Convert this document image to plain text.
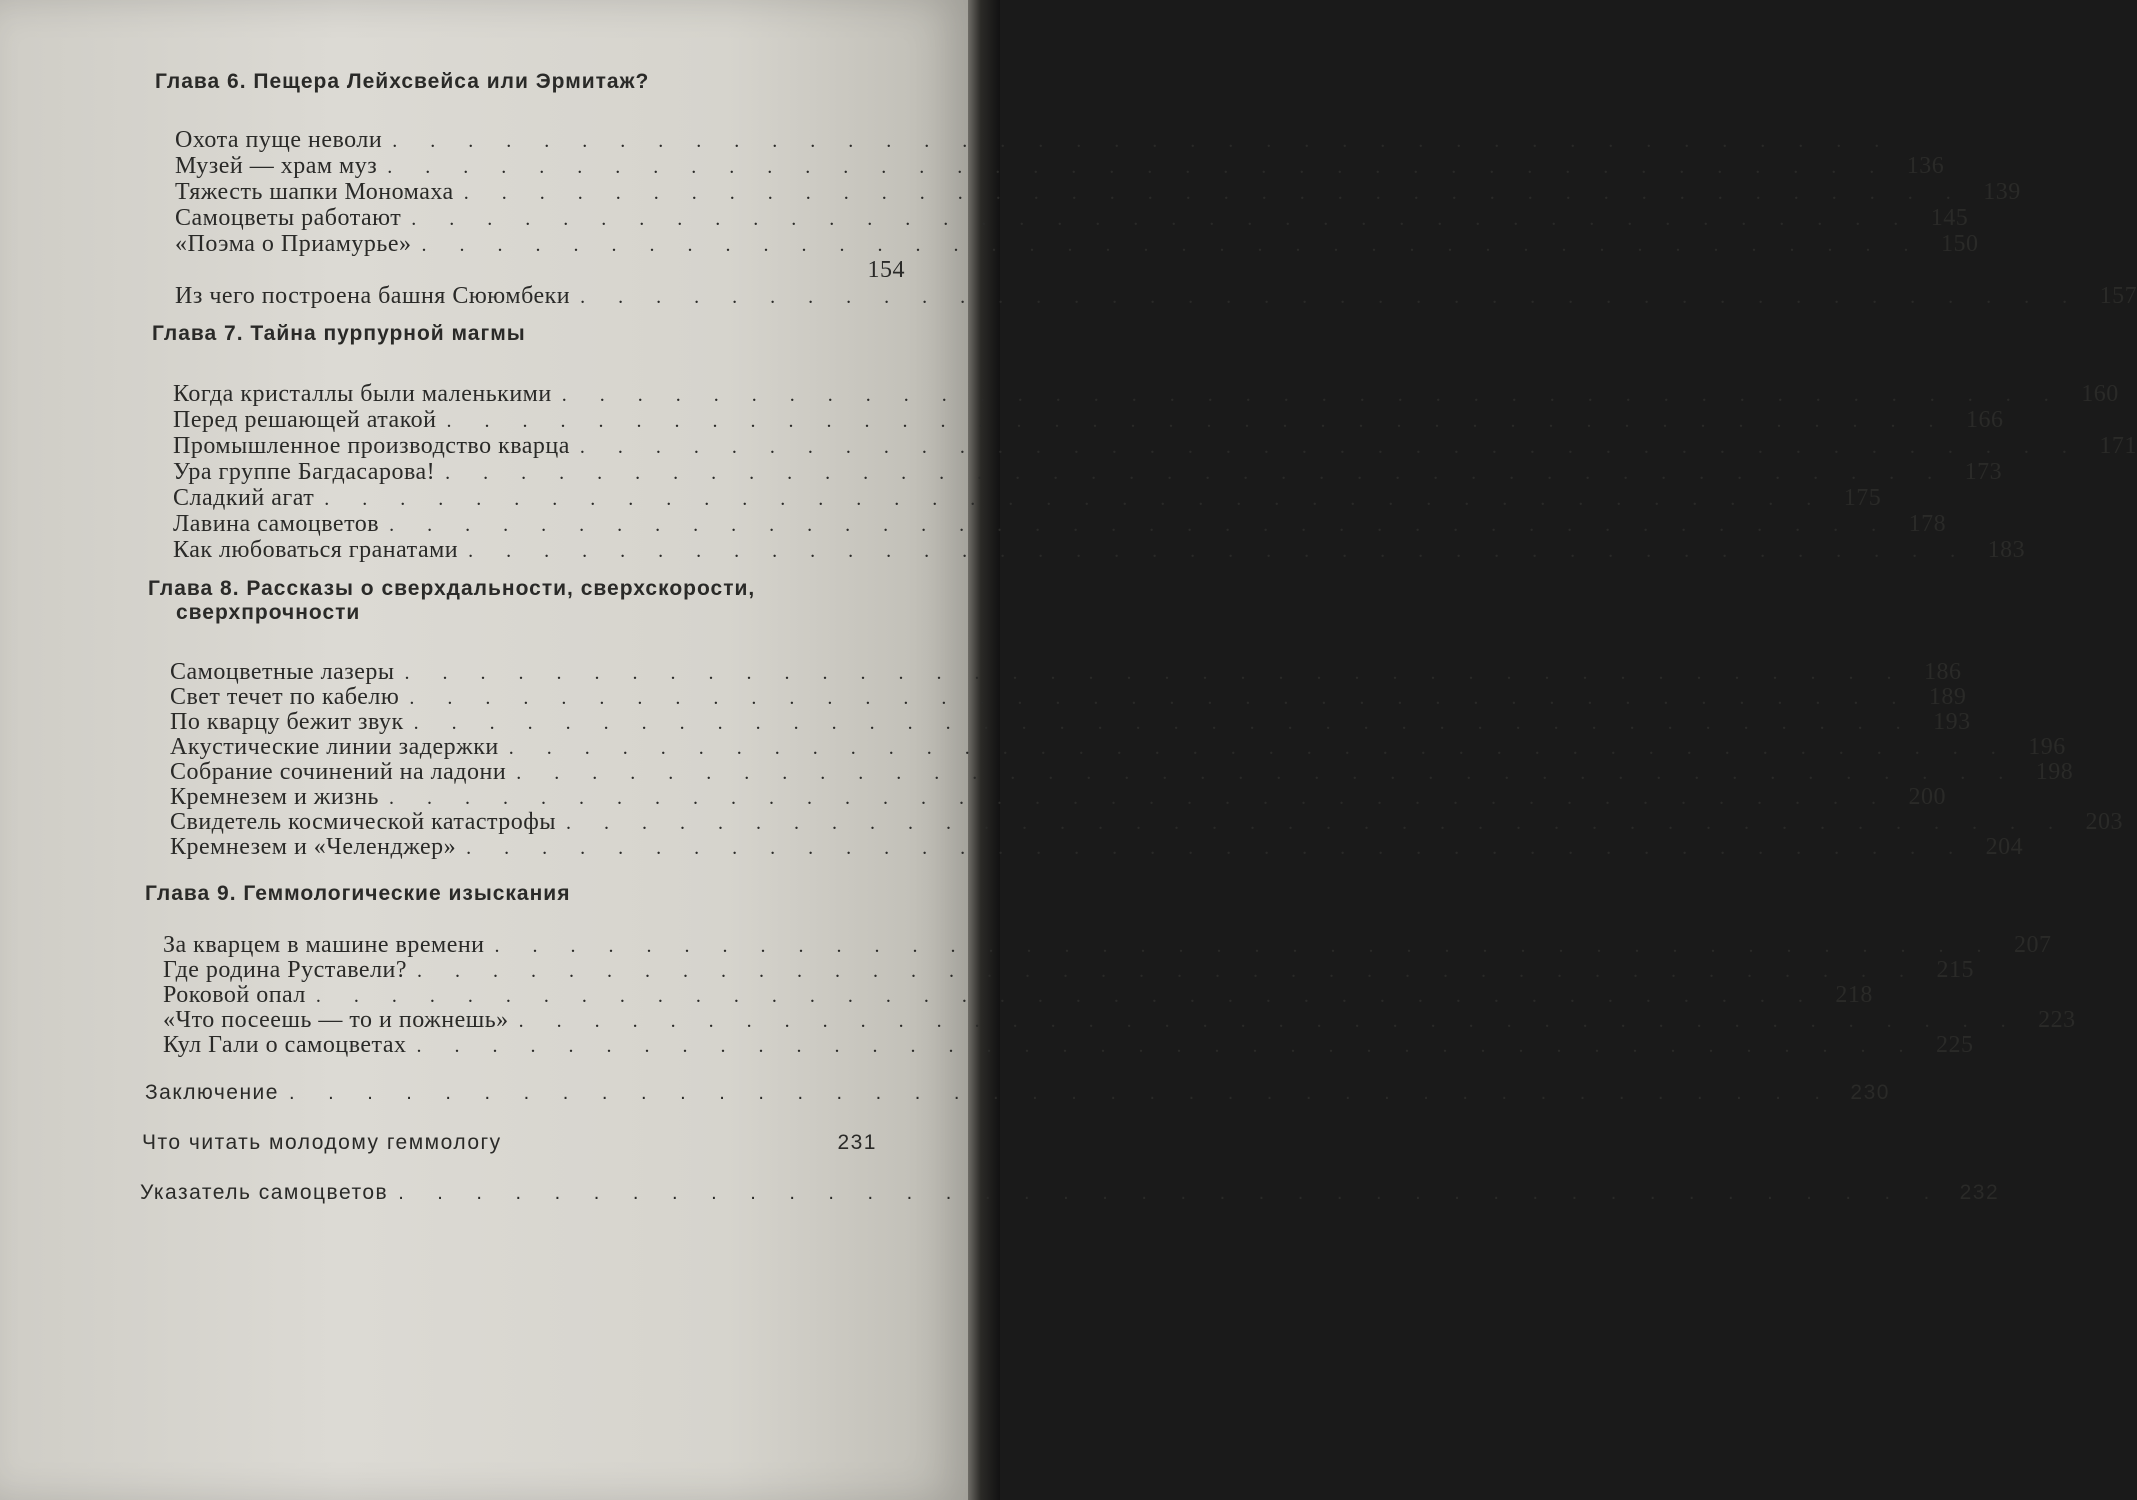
Глава 6. Пещера Лейхсвейса или Эрмитаж?
Охота пуще неволи . . . . . . . . . . . . . . . . . . . . . . . . . . . . . . . . . . . . . . . .
Музей — храм муз . . . . . . . . . . . . . . . . . . . . . . . . . . . . . . . . . . . . . . . . 136
Тяжесть шапки Мономаха . . . . . . . . . . . . . . . . . . . . . . . . . . . . . . . . . . . . . . . . 139
Самоцветы работают . . . . . . . . . . . . . . . . . . . . . . . . . . . . . . . . . . . . . . . . 145
«Поэма о Приамурье» . . . . . . . . . . . . . . . . . . . . . . . . . . . . . . . . . . . . . . . . 150
154
Из чего построена башня Сююмбеки . . . . . . . . . . . . . . . . . . . . . . . . . . . . . . . . . . . . . . . . 157
Глава 7. Тайна пурпурной магмы
Когда кристаллы были маленькими . . . . . . . . . . . . . . . . . . . . . . . . . . . . . . . . . . . . . . . . 160
Перед решающей атакой . . . . . . . . . . . . . . . . . . . . . . . . . . . . . . . . . . . . . . . . 166
Промышленное производство кварца . . . . . . . . . . . . . . . . . . . . . . . . . . . . . . . . . . . . . . . . 171
Ура группе Багдасарова! . . . . . . . . . . . . . . . . . . . . . . . . . . . . . . . . . . . . . . . . 173
Сладкий агат . . . . . . . . . . . . . . . . . . . . . . . . . . . . . . . . . . . . . . . . 175
Лавина самоцветов . . . . . . . . . . . . . . . . . . . . . . . . . . . . . . . . . . . . . . . . 178
Как любоваться гранатами . . . . . . . . . . . . . . . . . . . . . . . . . . . . . . . . . . . . . . . . 183
Глава 8. Рассказы о сверхдальности, сверхскорости,
сверхпрочности
Самоцветные лазеры . . . . . . . . . . . . . . . . . . . . . . . . . . . . . . . . . . . . . . . . 186
Свет течет по кабелю . . . . . . . . . . . . . . . . . . . . . . . . . . . . . . . . . . . . . . . . 189
По кварцу бежит звук . . . . . . . . . . . . . . . . . . . . . . . . . . . . . . . . . . . . . . . . 193
Акустические линии задержки . . . . . . . . . . . . . . . . . . . . . . . . . . . . . . . . . . . . . . . . 196
Собрание сочинений на ладони . . . . . . . . . . . . . . . . . . . . . . . . . . . . . . . . . . . . . . . . 198
Кремнезем и жизнь . . . . . . . . . . . . . . . . . . . . . . . . . . . . . . . . . . . . . . . . 200
Свидетель космической катастрофы . . . . . . . . . . . . . . . . . . . . . . . . . . . . . . . . . . . . . . . . 203
Кремнезем и «Челенджер» . . . . . . . . . . . . . . . . . . . . . . . . . . . . . . . . . . . . . . . . 204
Глава 9. Геммологические изыскания
За кварцем в машине времени . . . . . . . . . . . . . . . . . . . . . . . . . . . . . . . . . . . . . . . . 207
Где родина Руставели? . . . . . . . . . . . . . . . . . . . . . . . . . . . . . . . . . . . . . . . . 215
Роковой опал . . . . . . . . . . . . . . . . . . . . . . . . . . . . . . . . . . . . . . . . 218
«Что посеешь — то и пожнешь» . . . . . . . . . . . . . . . . . . . . . . . . . . . . . . . . . . . . . . . . 223
Кул Гали о самоцветах . . . . . . . . . . . . . . . . . . . . . . . . . . . . . . . . . . . . . . . . 225
Заключение . . . . . . . . . . . . . . . . . . . . . . . . . . . . . . . . . . . . . . . . 230
Что читать молодому геммологу	231
Указатель самоцветов . . . . . . . . . . . . . . . . . . . . . . . . . . . . . . . . . . . . . . . . 232
